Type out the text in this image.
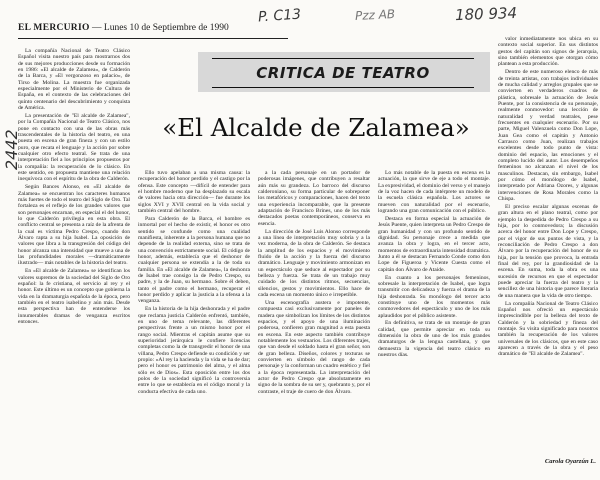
EL MERCURIO — Lunes 10 de Septiembre de 1990
P. C13	Pzz AB	180 934
2442
CRITICA DE TEATRO
«El Alcalde de Zalamea»

La compañía Nacional de Teatro Clásico Español visita nuestro país para mostrarnos dos de sus mejores producciones desde su formación en 1986: «El alcalde de Zalamea», de Calderón de la Barca, y «El vergonzoso en palacio», de Tirso de Molina. La muestra fue organizada especialmente por el Ministerio de Cultura de España, en el contexto de las celebraciones del quinto centenario del descubrimiento y conquista de América.

La presentación de "El alcalde de Zalamea", por la Compañía Nacional de Teatro Clásico, nos pone en contacto con una de las obras más trascendentales de la historia del teatro, en una puesta en escena de gran fineza y con un estilo puro, que recata el lenguaje y la acción por sobre cualquier otro efecto teatral. Se trata de una interpretación fiel a los principios propuestos por la compañía: la recuperación de lo clásico. En este sentido, en propuesta mantiene una relación inequívoca con el espíritu de la obra de Calderón.

Según Bances Alonso, en «El alcalde de Zalamea» se encuentran los caracteres humanos más fuertes de todo el teatro del Siglo de Oro. Tal fortaleza es el reflejo de los grandes valores que son personajes encarnan, en especial el del honor, lo que Calderón privilegia en esta obra. El conflicto central se presenta a raíz de la afrenta de la cual es víctima Pedro Crespo, cuando don Álvaro rapta a su hija Isabel. La oposición de valores que libra a la transgresión del código del honor alcanza una intensidad que mueve a una de las profundidades morales —dramáticamente ilustrado— más notables de la historia del teatro.

En «El alcalde de Zalamea» se identifican los valores supremos de la sociedad del Siglo de Oro español: la fe cristiana, el servicio al rey y el honor. Este último es un concepto que gobierna la vida en la dramaturgia española de la época, pero también en el teatro isabelino y aún más. Desde esta perspectiva han de entenderse los innumerables dramas de venganza escritos entonces.

Ello tuvo apelaban a una misma causa: la recuperación del honor perdido y el castigo por la ofensa. Este concepto —difícil de entender para el hombre moderno que ha desplazado su escala de valores hacia otra dirección— fue durante los siglos XVI y XVII central en la vida social y también central del hombre.

Para Calderón de la Barca, el hombre es inmortal por el hecho de existir, el honor es otro sentido se confunde como una cualidad manifiesta, inherente a la persona humana que no depende de la realidad externa, sino se trata de una convención estrictamente social. El código de honor, además, establecía que el deshonor de cualquier persona se extendía a la de toda su familia. En «El alcalde de Zalamea», la deshonra de Isabel trae consigo la de Pedro Crespo, su padre, y la de Juan, su hermano. Sobre él deben, tanto el padre como el hermano, recuperar el honor perdido y aplicar la justicia a la ofensa a la venganza.

En la historia de la hija deshonrada y el padre que reclama justicia Calderón enfrentó, también, en uno de tema relevante, las diferentes perspectivas frente a un mismo honor por el rango social. Mientras el capitán asume que su superioridad jerárquica le confiere licencias completas como la de transgredir el honor de una villana, Pedro Crespo defiende su condición y ser propio: «Al rey la hacienda y la vida se ha de dar; pero el honor es patrimonio del alma, y el alma sólo es de Dios». Esta oposición entre los dos polos de la sociedad significó la controversia entre lo que se establecía en el código moral y la conducta efectiva de cada uno.

a la cada personaje en un portador de poderosas imágenes, que contribuyen a resaltar aún más su grandeza. Lo barroco del discurso calderoniano, su forma particular de sobreponer los metafóricos y comparaciones, hacen del texto una experiencia incomparable, que la presente adaptación de Francisco Brines, uno de los más destacados poetas contemporáneos, conserva en esencia.

La dirección de José Luis Alonso corresponde a una línea de interpretación muy sobria y a la vez moderna, de la obra de Calderón. Se destaca la amplitud de los espacios y el movimiento fluido de la acción y la fuerza del discurso dramático. Lenguaje y movimiento armonizan en un espectáculo que seduce al espectador por su belleza y fuerza. Se trata de un trabajo muy cuidado de los distintos ritmos, secuencias, silencios, gestos y movimientos. Ello hace de cada escena un momento único e irrepetible.

Una escenografía austera e impotente, compuesta casi exclusivamente por paneles de madera que simbolizan los límites de los distintos espacios, y el apoyo de una iluminación poderosa, confieren gran magnitud a esta puesta en escena. En este aspecto también contribuye notablemente los vestuarios. Los diferentes trajes, que van desde el soldado hasta el gran señor, son de gran belleza. Diseños, colores y texturas se convierten en símbolo del rango de cada personaje y la conforman un cuadro estético y fiel a la época representada. La interpretación del actor de Pedro Crespo que absolutamente en signo de la sombra de su ser y, quebranto y, por el contraste, el traje de cuero de don Álvaro.

Lo más notable de la puesta en escena es la actuación, la que sirve de eje a todo el montaje. La expresividad, el dominio del verso y el manejo de la voz hacen de cada intérprete un modelo de la escuela clásica española. Los actores se mueven con naturalidad por el escenario, logrando una gran comunicación con el público.

Destaca en forma especial la actuación de Jesús Puente, quien interpreta un Pedro Crespo de gran humanidad y con un profundo sentido de dignidad. Su personaje crece a medida que avanza la obra y logra, en el tercer acto, momentos de extraordinaria intensidad dramática. Junto a él se destacan Fernando Conde como don Lope de Figueroa y Vicente Cuesta como el capitán don Álvaro de Ataide.

En cuanto a los personajes femeninos, sobresale la interpretación de Isabel, que logra transmitir con delicadeza y fuerza el drama de la hija deshonrada. Su monólogo del tercer acto constituye uno de los momentos más conmovedores del espectáculo y uno de los más aplaudidos por el público asistente.

En definitiva, se trata de un montaje de gran calidad, que permite apreciar en toda su dimensión la obra de uno de los más grandes dramaturgos de la lengua castellana, y que demuestra la vigencia del teatro clásico en nuestros días.

valor inmediatamente nos ubica en su contexto social superior. En sus distintos gestos del capitán son signos de jerarquía, sino también elementos que otorgan cómo plantean a esta producción.

Dentro de este numeroso elenco de más de treinta artistas, con trabajos individuales de mucha calidad y arreglos grupales que se convierten en verdaderos cuadros de plástica, sobresale la actuación de Jesús Puente, por la consistencia de su personaje, realmente conmovedor: una lección de naturalidad y verdad teatrales, pese frecuentes en cualquier escenario. Por su parte, Miguel Valenzuela como Don Lope, Juan Gea como el capitán y Antonio Carrasco como Juan, realizan trabajos excelentes desde todo punto de vista: dominio del espacio, las emociones y el completo lucido del autor. Los desempeños femeninos no alcanzan el nivel de los masculinos. Destacan, sin embargo, Isabel por cómo el monólogo de Isabel, interpretado por Adriana Ozores, y algunas intervenciones de Rosa Morales como la Chispa.

El preciso escalar algunas escenas de gran altura en el plano teatral, como por ejemplo la despedida de Pedro Crespo a su hija, por lo conmovedora; la discusión acerca del honor entre Don Lope y Crespo, por el vigor de sus puntos de vista, y la reconciliación de Pedro Crespo a don Álvaro por la recuperación del honor de su hija, por la tensión que provoca, la entrada final del rey, por la grandiosidad de la escena. En suma, toda la obra es una sucesión de recursos en que el espectador puede apreciar la fuerza del teatro y la sencillez de una historia que parece literaria de una manera que la vida de otro tiempo.

La compañía Nacional de Teatro Clásico Español nos ofreció un espectáculo imprescindible por la belleza del texto de Calderón y la sobriedad y fineza del montaje. Su visita significado para nosotros también la recuperación de los valores universales de los clásicos, que en este caso aparecen a través de la obra y el peso dramático de "El alcalde de Zalamea".

Carola Oyarzún L.
